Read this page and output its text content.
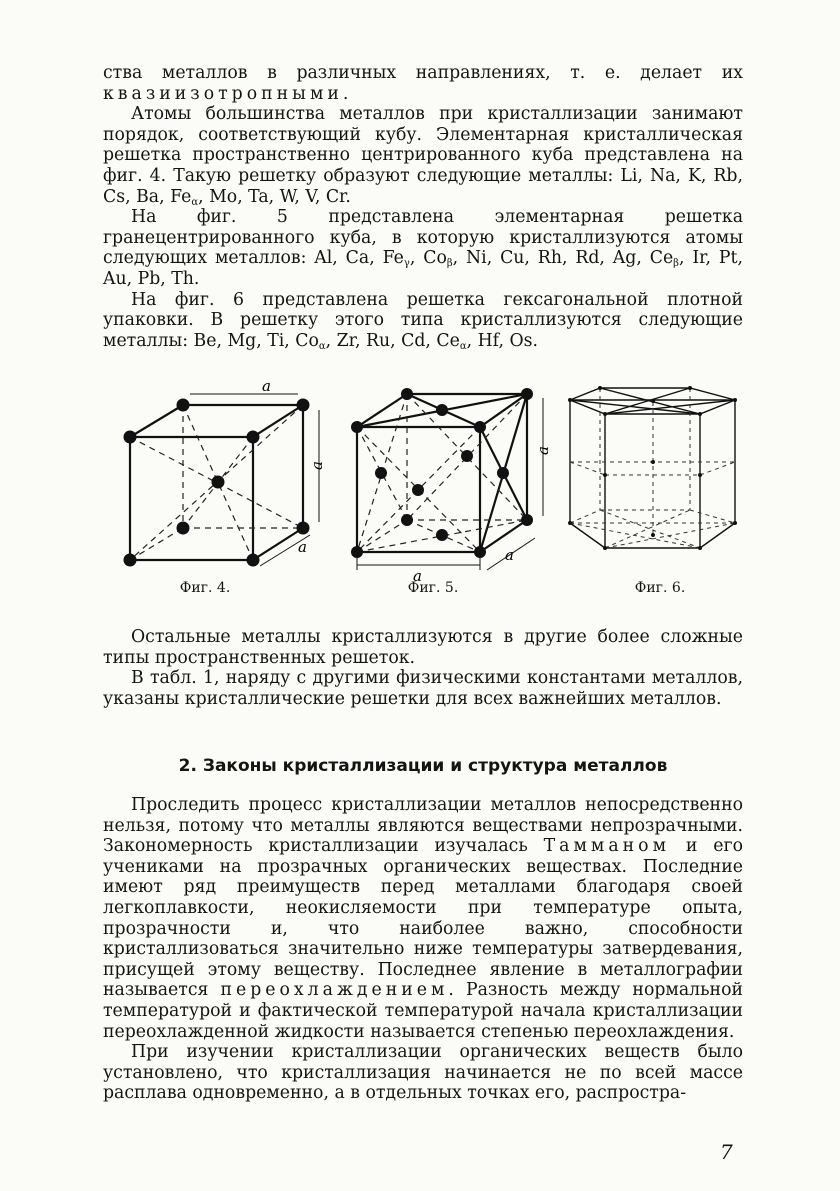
ства металлов в различных направлениях, т. е. делает их квазиизотропными.

Атомы большинства металлов при кристаллизации занимают порядок, соответствующий кубу. Элементарная кристаллическая решетка пространственно центрированного куба представлена на фиг. 4. Такую решетку образуют следующие металлы: Li, Na, K, Rb, Cs, Ba, $Fe_\alpha$, Mo, Ta, W, V, Cr.

На фиг. 5 представлена элементарная решетка гранецентрированного куба, в которую кристаллизуются атомы следующих металлов: Al, Ca, $Fe_\gamma$, $Co_\beta$, Ni, Cu, Rh, Rd, Ag, $Ce_\beta$, Ir, Pt, Au, Pb, Th.

На фиг. 6 представлена решетка гексагональной плотной упаковки. В решетку этого типа кристаллизуются следующие металлы: Be, Mg, Ti, $Co_\alpha$, Zr, Ru, Cd, $Ce_\alpha$, Hf, Os.

a
a
a
Фиг. 4.
a
a
a
Фиг. 5.	Фиг. 6.

Остальные металлы кристаллизуются в другие более сложные типы пространственных решеток.

В табл. 1, наряду с другими физическими константами металлов, указаны кристаллические решетки для всех важнейших металлов.

2. Законы кристаллизации и структура металлов

Проследить процесс кристаллизации металлов непосредственно нельзя, потому что металлы являются веществами непрозрачными. Закономерность кристаллизации изучалась Тамманом и его учениками на прозрачных органических веществах. Последние имеют ряд преимуществ перед металлами благодаря своей легкоплавкости, неокисляемости при температуре опыта, прозрачности и, что наиболее важно, способности кристаллизоваться значительно ниже температуры затвердевания, присущей этому веществу. Последнее явление в металлографии называется переохлаждением. Разность между нормальной температурой и фактической температурой начала кристаллизации переохлажденной жидкости называется степенью переохлаждения.

При изучении кристаллизации органических веществ было установлено, что кристаллизация начинается не по всей массе расплава одновременно, а в отдельных точках его, распростра-

7
